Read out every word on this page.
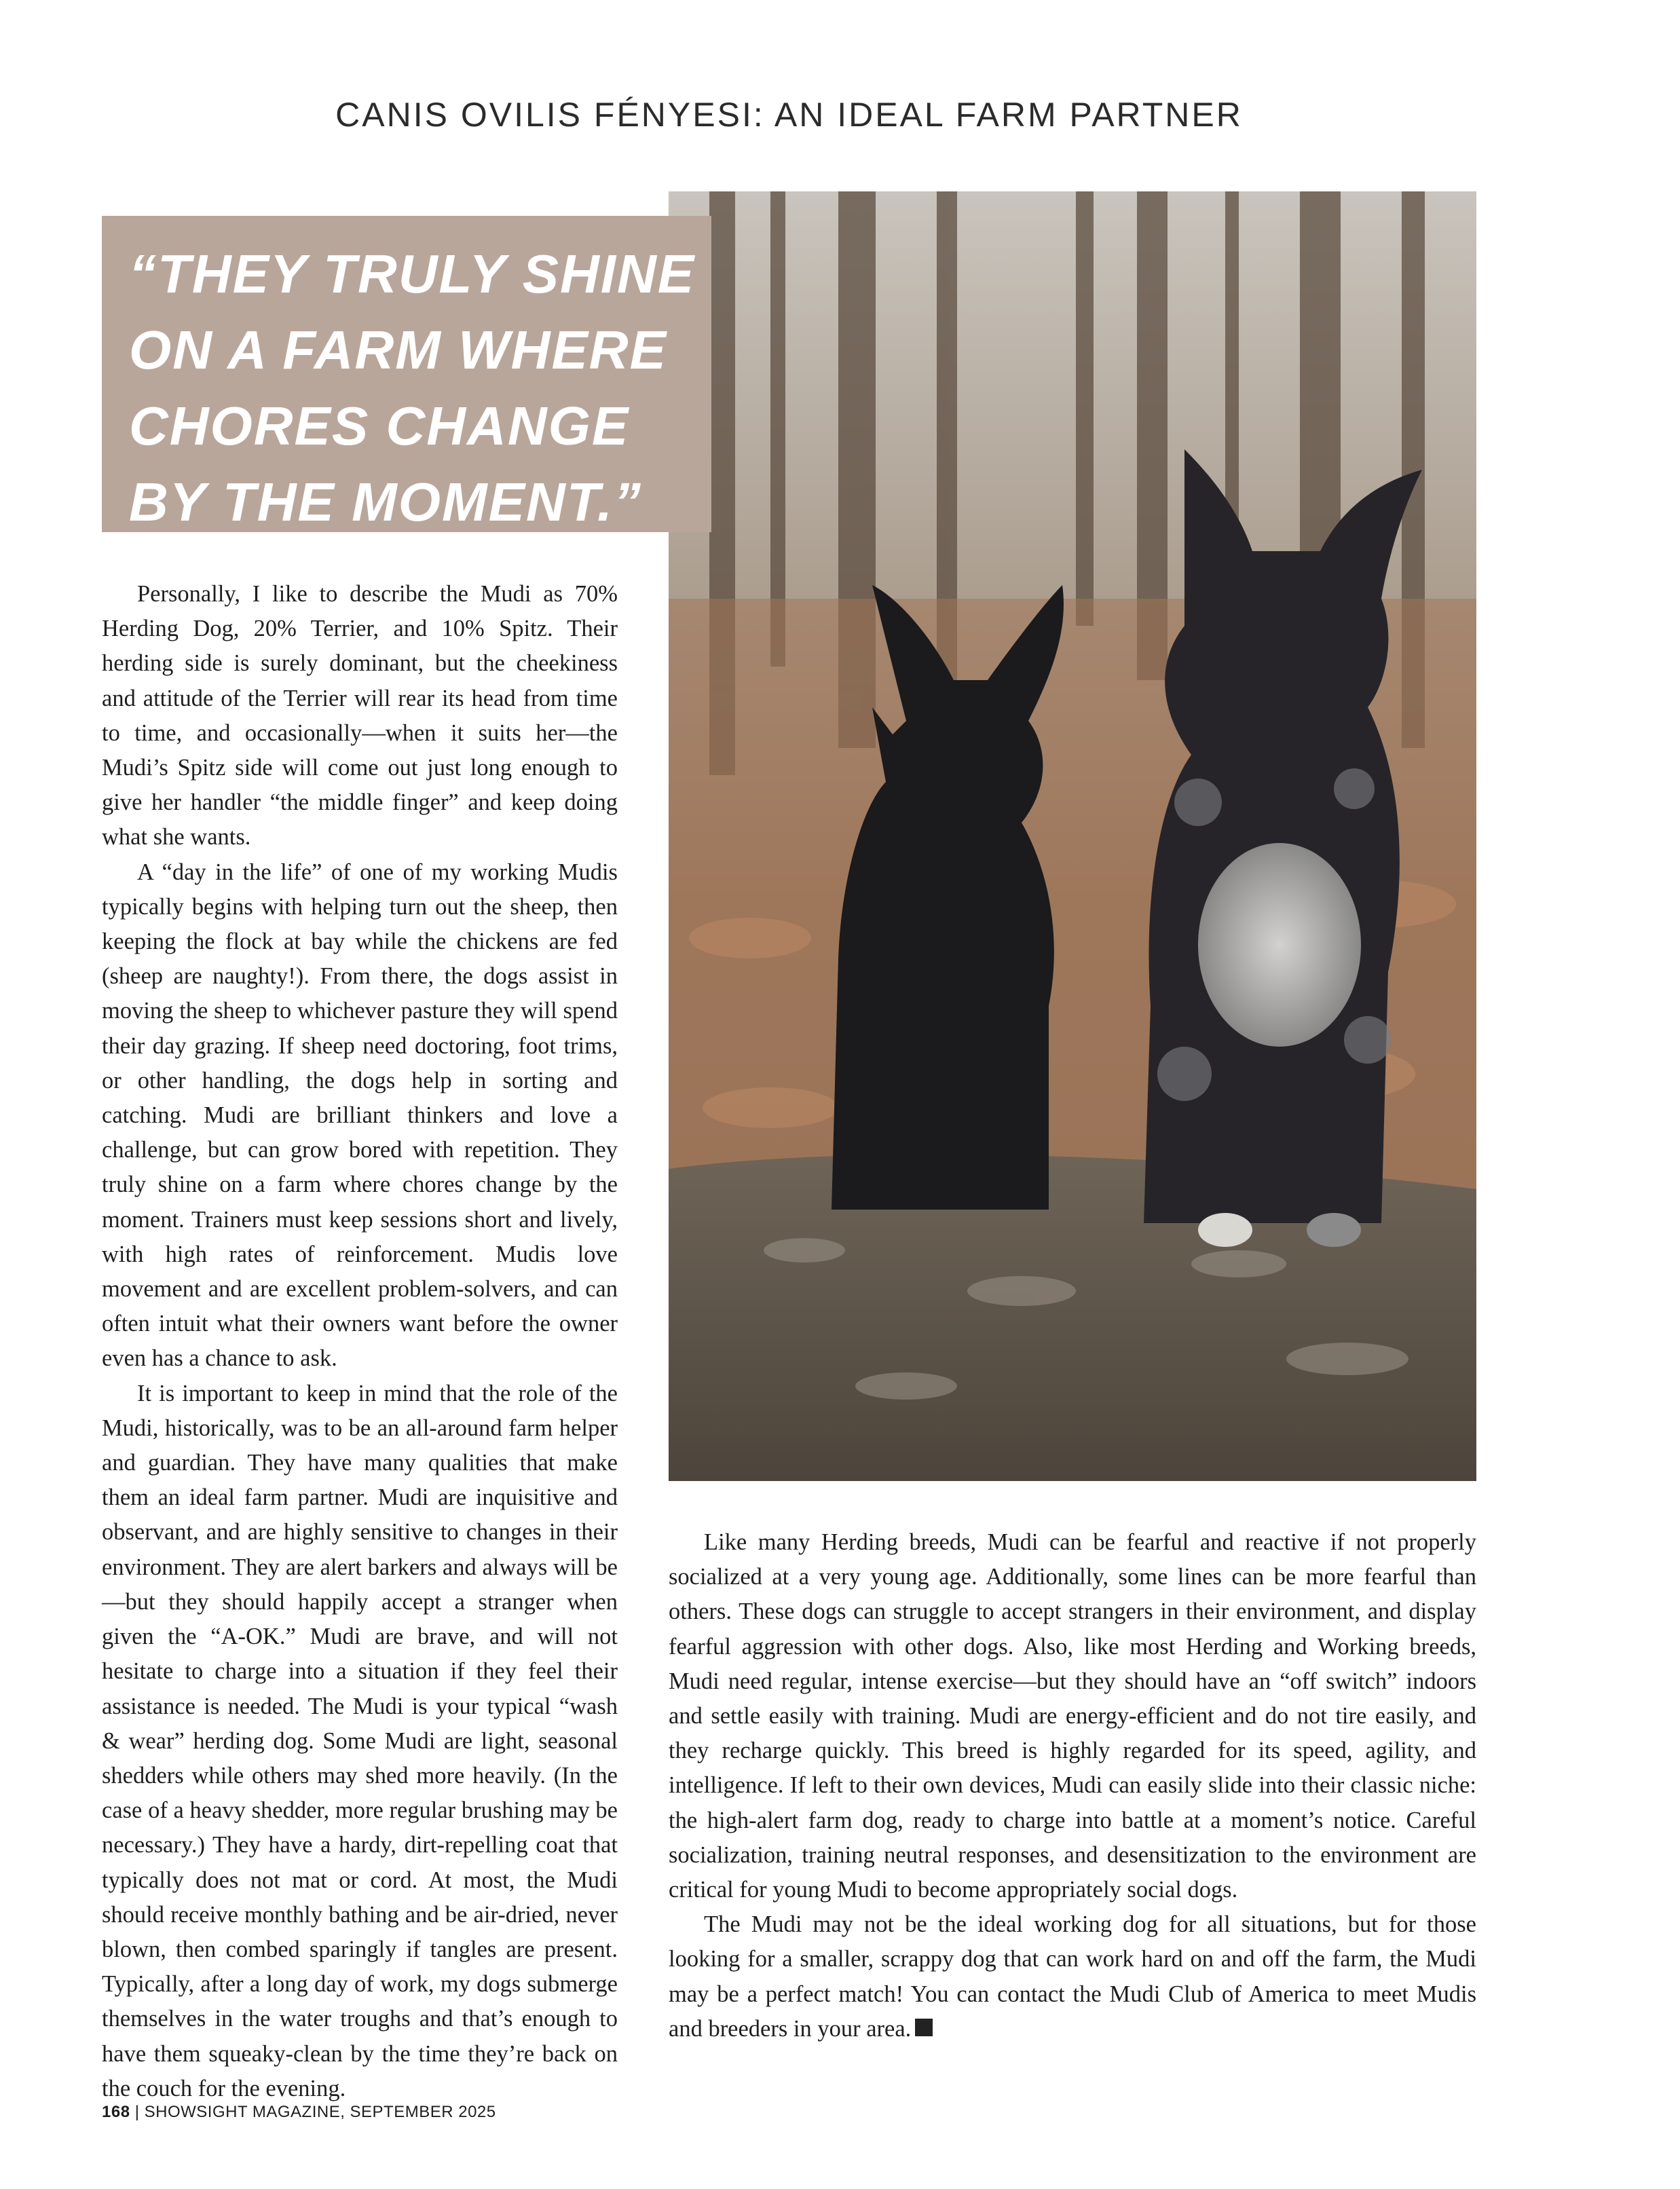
CANIS OVILIS FÉNYESI: AN IDEAL FARM PARTNER

“THEY TRULY SHINE ON A FARM WHERE CHORES CHANGE BY THE MOMENT.”

Personally, I like to describe the Mudi as 70% Herding Dog, 20% Terrier, and 10% Spitz. Their herding side is surely dominant, but the cheekiness and attitude of the Terrier will rear its head from time to time, and occasionally—when it suits her—the Mudi’s Spitz side will come out just long enough to give her handler “the middle finger” and keep doing what she wants.

A “day in the life” of one of my working Mudis typically begins with helping turn out the sheep, then keeping the flock at bay while the chickens are fed (sheep are naughty!). From there, the dogs assist in moving the sheep to whichever pasture they will spend their day grazing. If sheep need doctoring, foot trims, or other handling, the dogs help in sorting and catching. Mudi are brilliant thinkers and love a challenge, but can grow bored with repetition. They truly shine on a farm where chores change by the moment. Trainers must keep sessions short and lively, with high rates of reinforcement. Mudis love movement and are excellent problem-solvers, and can often intuit what their owners want before the owner even has a chance to ask.

It is important to keep in mind that the role of the Mudi, historically, was to be an all-around farm helper and guardian. They have many qualities that make them an ideal farm partner. Mudi are inquisitive and observant, and are highly sensitive to changes in their environment. They are alert barkers and always will be—but they should happily accept a stranger when given the “A-OK.” Mudi are brave, and will not hesitate to charge into a situation if they feel their assistance is needed. The Mudi is your typical “wash & wear” herding dog. Some Mudi are light, seasonal shedders while others may shed more heavily. (In the case of a heavy shedder, more regular brushing may be necessary.) They have a hardy, dirt-repelling coat that typically does not mat or cord. At most, the Mudi should receive monthly bathing and be air-dried, never blown, then combed sparingly if tangles are present. Typically, after a long day of work, my dogs submerge themselves in the water troughs and that’s enough to have them squeaky-clean by the time they’re back on the couch for the evening.

Like many Herding breeds, Mudi can be fearful and reactive if not properly socialized at a very young age. Additionally, some lines can be more fearful than others. These dogs can struggle to accept strangers in their environment, and display fearful aggression with other dogs. Also, like most Herding and Working breeds, Mudi need regular, intense exercise—but they should have an “off switch” indoors and settle easily with training. Mudi are energy-efficient and do not tire easily, and they recharge quickly. This breed is highly regarded for its speed, agility, and intelligence. If left to their own devices, Mudi can easily slide into their classic niche: the high-alert farm dog, ready to charge into battle at a moment’s notice. Careful socialization, training neutral responses, and desensitization to the environment are critical for young Mudi to become appropriately social dogs.

The Mudi may not be the ideal working dog for all situations, but for those looking for a smaller, scrappy dog that can work hard on and off the farm, the Mudi may be a perfect match! You can contact the Mudi Club of America to meet Mudis and breeders in your area.

168 | SHOWSIGHT MAGAZINE, SEPTEMBER 2025
